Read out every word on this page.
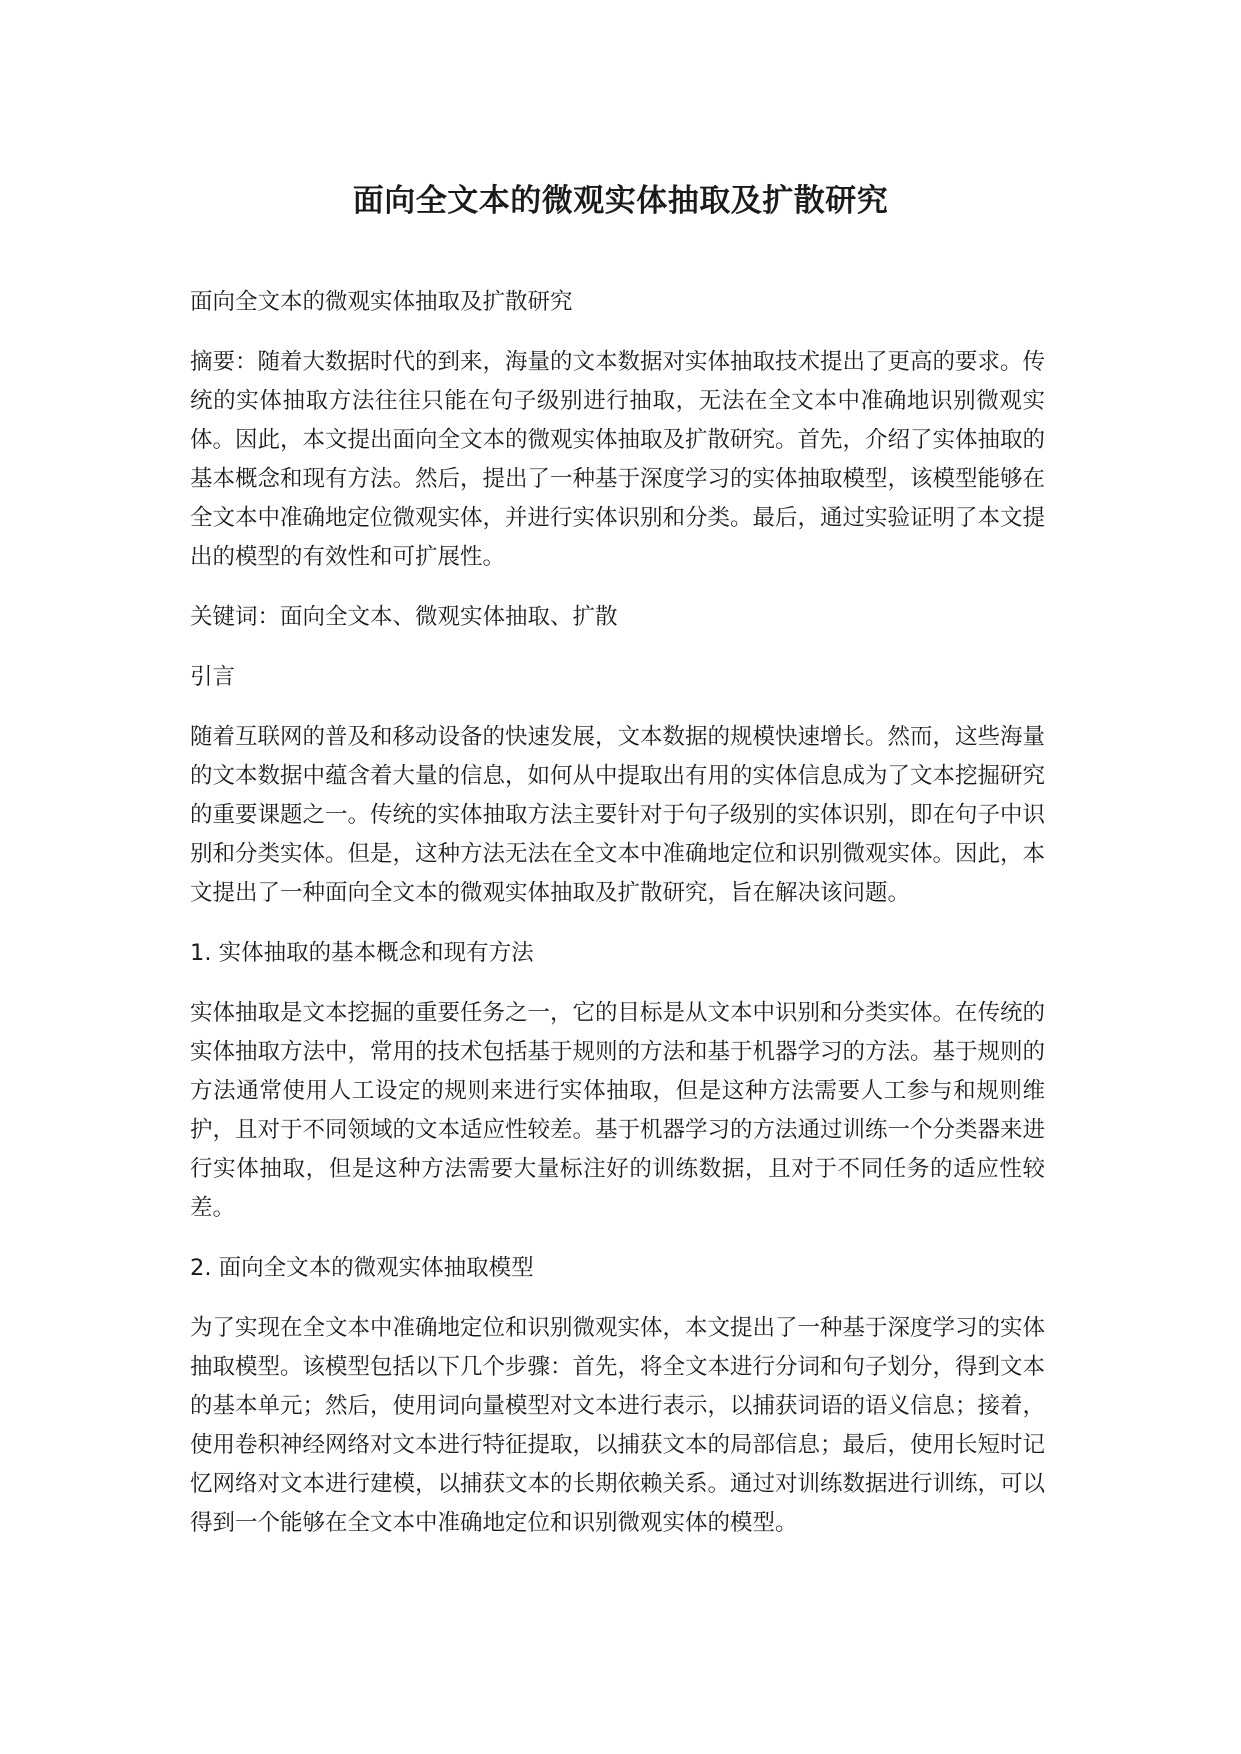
面向全文本的微观实体抽取及扩散研究

面向全文本的微观实体抽取及扩散研究

摘要：随着大数据时代的到来，海量的文本数据对实体抽取技术提出了更高的要求。传统的实体抽取方法往往只能在句子级别进行抽取，无法在全文本中准确地识别微观实体。因此，本文提出面向全文本的微观实体抽取及扩散研究。首先，介绍了实体抽取的基本概念和现有方法。然后，提出了一种基于深度学习的实体抽取模型，该模型能够在全文本中准确地定位微观实体，并进行实体识别和分类。最后，通过实验证明了本文提出的模型的有效性和可扩展性。

关键词：面向全文本、微观实体抽取、扩散

引言

随着互联网的普及和移动设备的快速发展，文本数据的规模快速增长。然而，这些海量的文本数据中蕴含着大量的信息，如何从中提取出有用的实体信息成为了文本挖掘研究的重要课题之一。传统的实体抽取方法主要针对于句子级别的实体识别，即在句子中识别和分类实体。但是，这种方法无法在全文本中准确地定位和识别微观实体。因此，本文提出了一种面向全文本的微观实体抽取及扩散研究，旨在解决该问题。

1. 实体抽取的基本概念和现有方法

实体抽取是文本挖掘的重要任务之一，它的目标是从文本中识别和分类实体。在传统的实体抽取方法中，常用的技术包括基于规则的方法和基于机器学习的方法。基于规则的方法通常使用人工设定的规则来进行实体抽取，但是这种方法需要人工参与和规则维护，且对于不同领域的文本适应性较差。基于机器学习的方法通过训练一个分类器来进行实体抽取，但是这种方法需要大量标注好的训练数据，且对于不同任务的适应性较差。

2. 面向全文本的微观实体抽取模型

为了实现在全文本中准确地定位和识别微观实体，本文提出了一种基于深度学习的实体抽取模型。该模型包括以下几个步骤：首先，将全文本进行分词和句子划分，得到文本的基本单元；然后，使用词向量模型对文本进行表示，以捕获词语的语义信息；接着，使用卷积神经网络对文本进行特征提取，以捕获文本的局部信息；最后，使用长短时记忆网络对文本进行建模，以捕获文本的长期依赖关系。通过对训练数据进行训练，可以得到一个能够在全文本中准确地定位和识别微观实体的模型。
